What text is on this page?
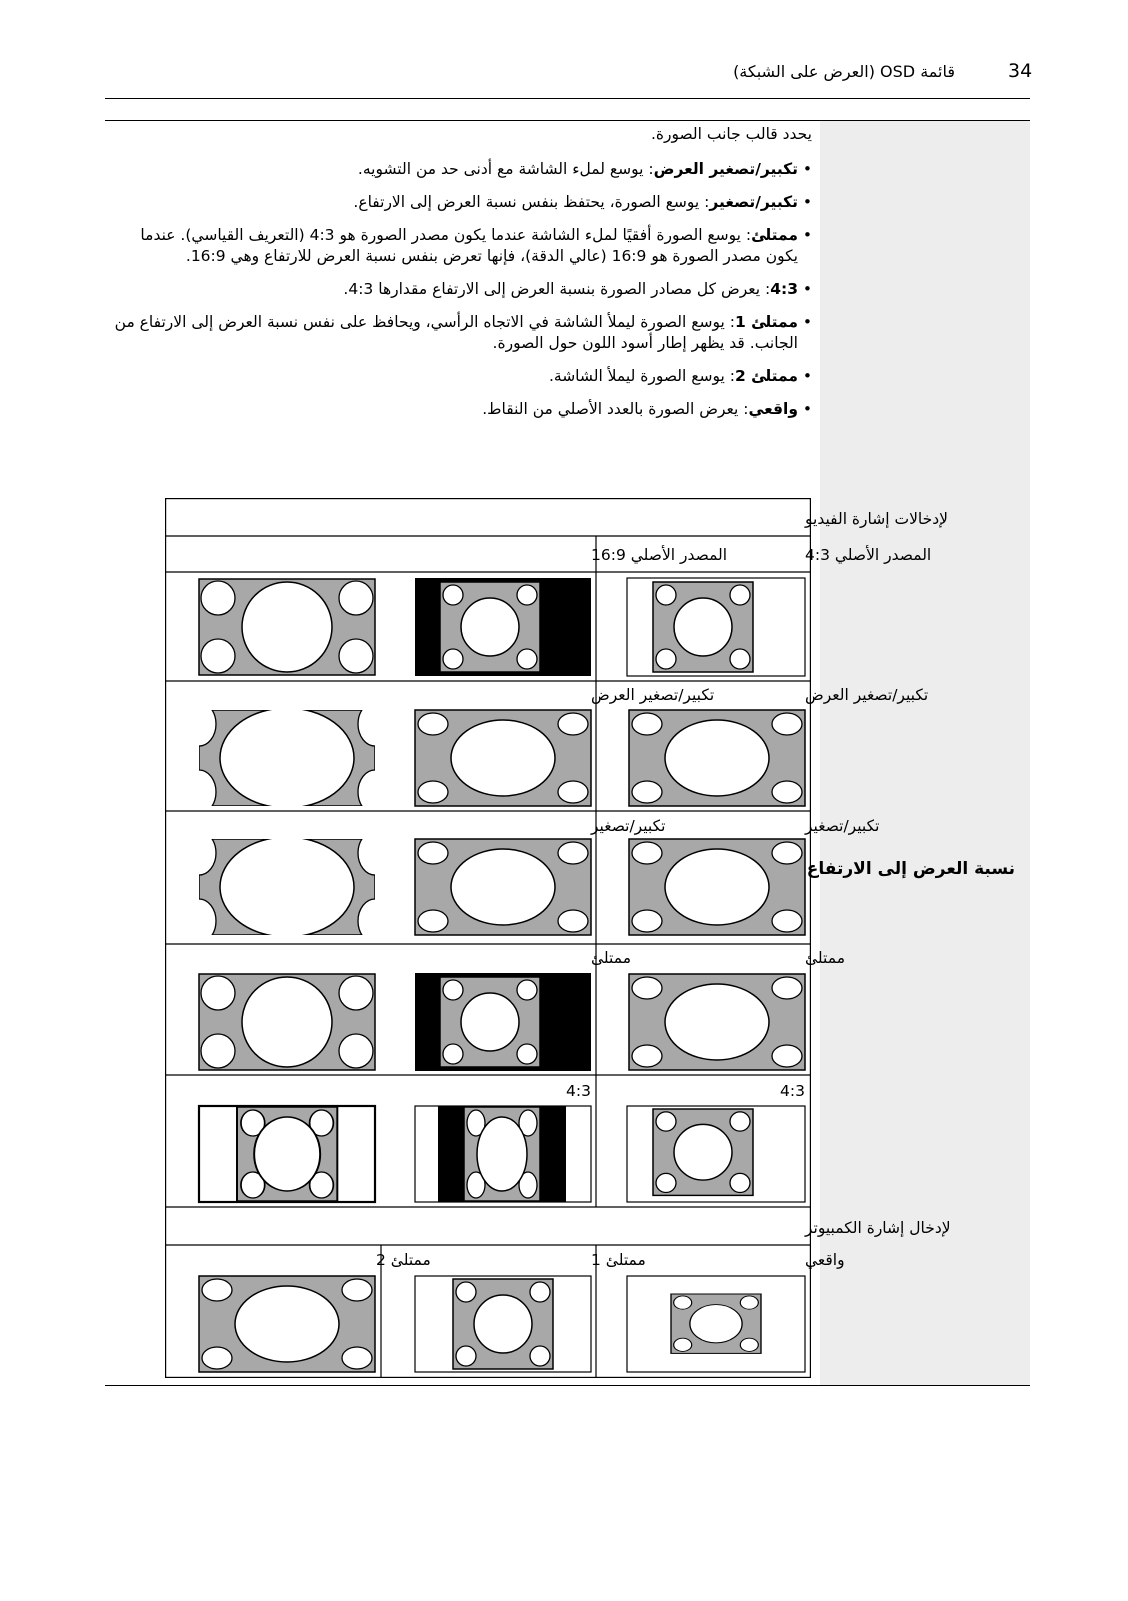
34
قائمة OSD (العرض على الشبكة)
نسبة العرض إلى الارتفاع

يحدد قالب جانب الصورة.

• تكبير/تصغير العرض: يوسع لملء الشاشة مع أدنى حد من التشويه.
• تكبير/تصغير: يوسع الصورة، يحتفظ بنفس نسبة العرض إلى الارتفاع.
• ممتلئ: يوسع الصورة أفقيًا لملء الشاشة عندما يكون مصدر الصورة هو 4:3 (التعريف القياسي). عندما يكون مصدر الصورة هو 16:9 (عالي الدقة)، فإنها تعرض بنفس نسبة العرض للارتفاع وهي 16:9.
• 4:3: يعرض كل مصادر الصورة بنسبة العرض إلى الارتفاع مقدارها 4:3.
• ممتلئ 1: يوسع الصورة ليملأ الشاشة في الاتجاه الرأسي، ويحافظ على نفس نسبة العرض إلى الارتفاع من الجانب. قد يظهر إطار أسود اللون حول الصورة.
• ممتلئ 2: يوسع الصورة ليملأ الشاشة.
• واقعي: يعرض الصورة بالعدد الأصلي من النقاط.
لإدخالات إشارة الفيديو
المصدر الأصلي 4:3
المصدر الأصلي 16:9
تكبير/تصغير العرض
تكبير/تصغير العرض
تكبير/تصغير
تكبير/تصغير
ممتلئ
ممتلئ
4:3
4:3
لإدخال إشارة الكمبيوتر
واقعي
ممتلئ 1
ممتلئ 2
